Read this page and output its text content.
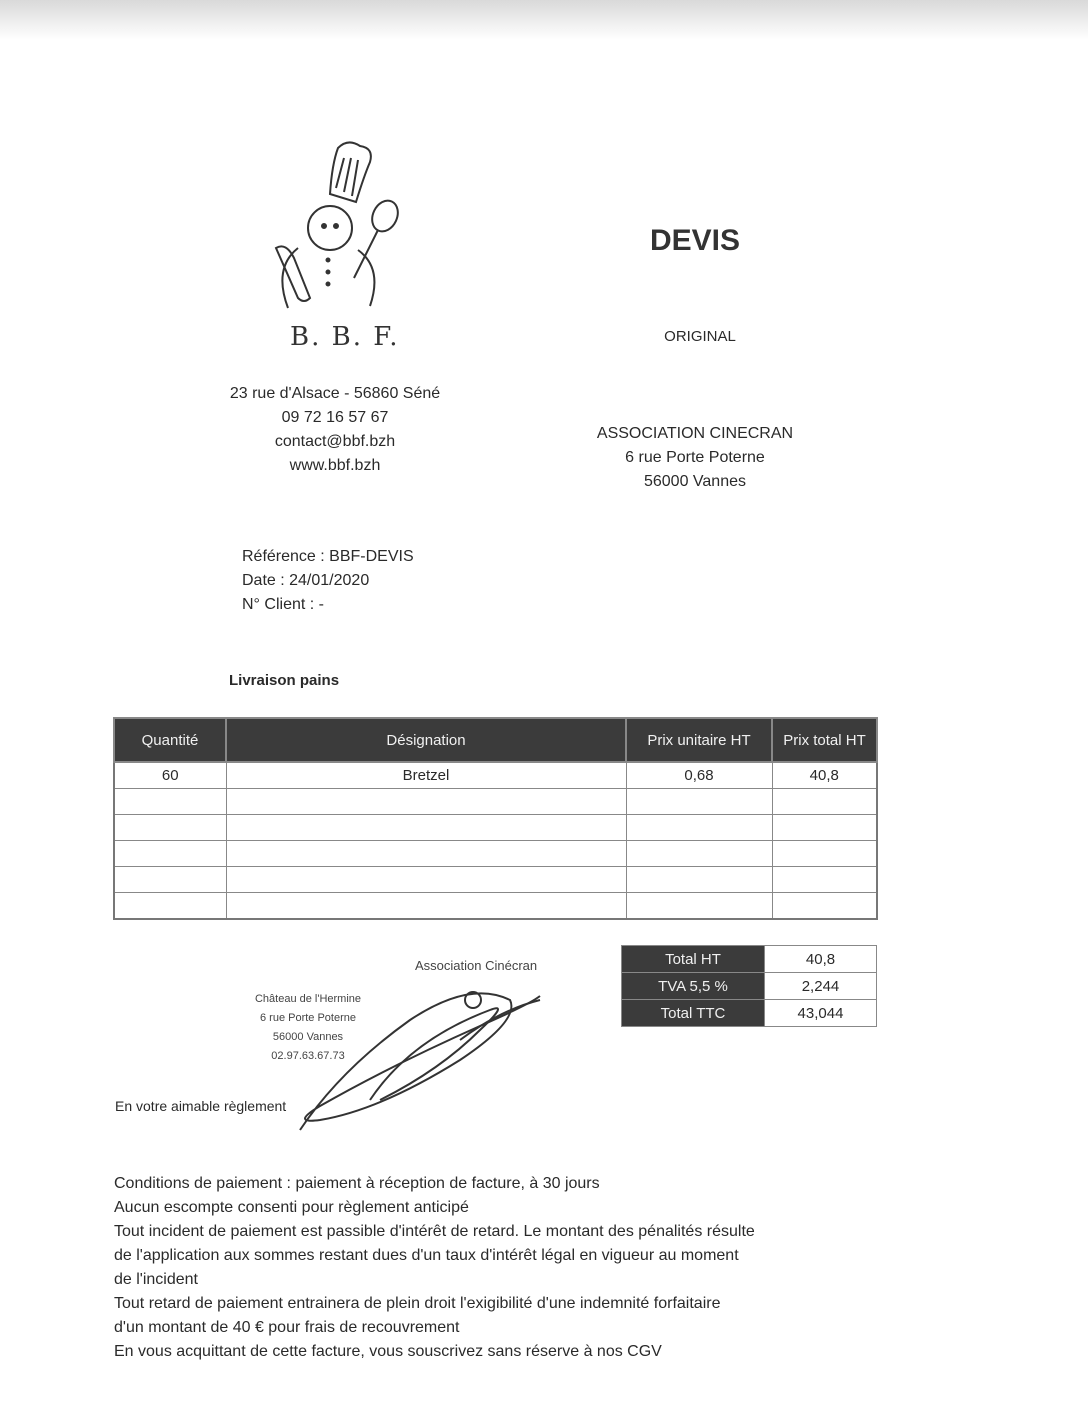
B. B. F.
23 rue d'Alsace - 56860 Séné
09 72 16 57 67
contact@bbf.bzh
www.bbf.bzh
DEVIS
ORIGINAL
ASSOCIATION CINECRAN
6 rue Porte Poterne
56000 Vannes
Référence : BBF-DEVIS
Date : 24/01/2020
N° Client : -
Livraison pains
Quantité	Désignation	Prix unitaire HT	Prix total HT
60	Bretzel	0,68	40,8

Total HT	40,8
TVA 5,5 %	2,244
Total TTC	43,044
Association Cinécran
Château de l'Hermine
6 rue Porte Poterne
56000 Vannes
02.97.63.67.73
En votre aimable règlement
Conditions de paiement : paiement à réception de facture, à 30 jours
Aucun escompte consenti pour règlement anticipé
Tout incident de paiement est passible d'intérêt de retard. Le montant des pénalités résulte
de l'application aux sommes restant dues d'un taux d'intérêt légal en vigueur au moment
de l'incident
Tout retard de paiement entrainera de plein droit l'exigibilité d'une indemnité forfaitaire
d'un montant de 40 € pour frais de recouvrement
En vous acquittant de cette facture, vous souscrivez sans réserve à nos CGV
